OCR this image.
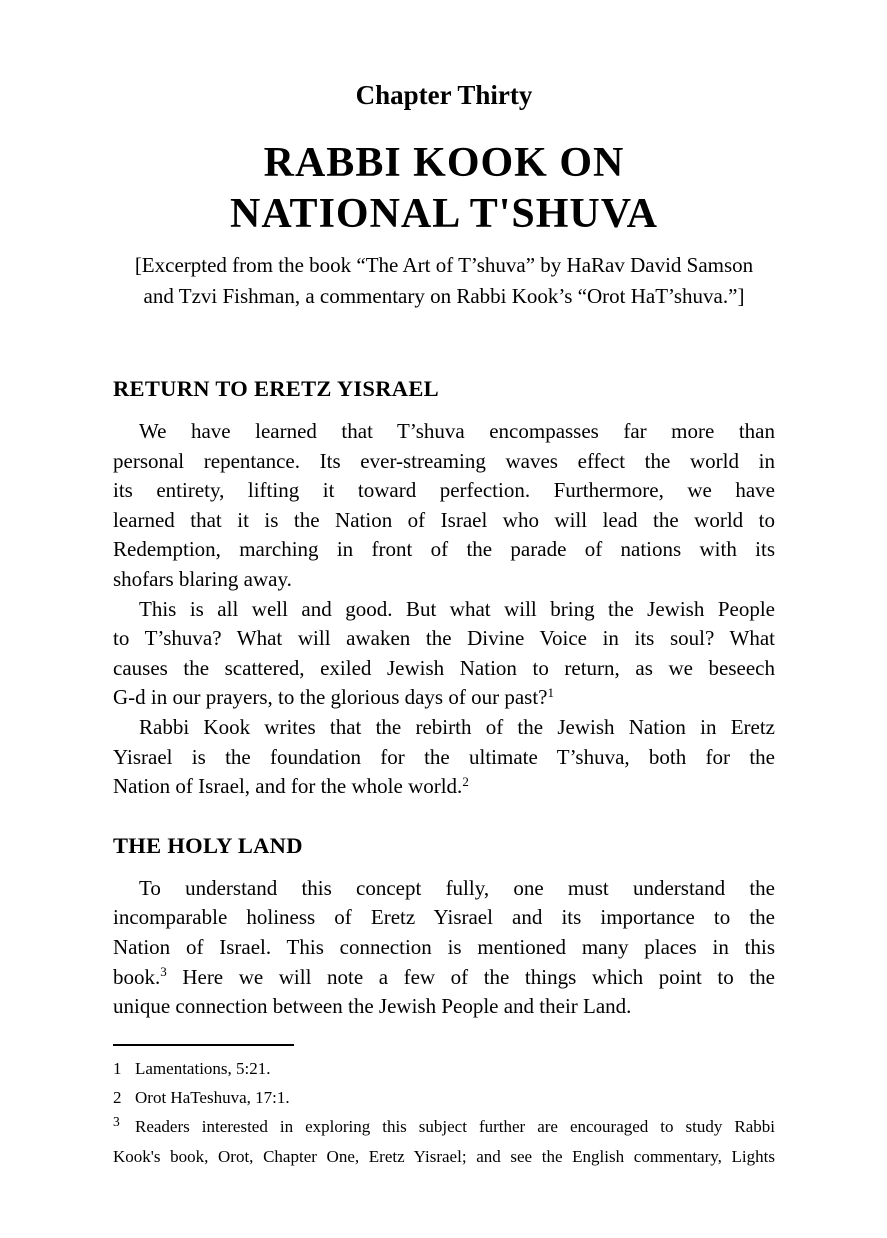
Chapter Thirty
RABBI KOOK ON
NATIONAL T'SHUVA
[Excerpted from the book “The Art of T’shuva” by HaRav David Samson
and Tzvi Fishman, a commentary on Rabbi Kook’s “Orot HaT’shuva.”]
RETURN TO ERETZ YISRAEL
We have learned that T’shuva encompasses far more than
personal repentance. Its ever-streaming waves effect the world in
its entirety, lifting it toward perfection. Furthermore, we have
learned that it is the Nation of Israel who will lead the world to
Redemption, marching in front of the parade of nations with its
shofars blaring away.
This is all well and good. But what will bring the Jewish People
to T’shuva? What will awaken the Divine Voice in its soul? What
causes the scattered, exiled Jewish Nation to return, as we beseech
G-d in our prayers, to the glorious days of our past?$^1$
Rabbi Kook writes that the rebirth of the Jewish Nation in Eretz
Yisrael is the foundation for the ultimate T’shuva, both for the
Nation of Israel, and for the whole world.$^2$
THE HOLY LAND
To understand this concept fully, one must understand the
incomparable holiness of Eretz Yisrael and its importance to the
Nation of Israel. This connection is mentioned many places in this
book.$^3$ Here we will note a few of the things which point to the
unique connection between the Jewish People and their Land.
1 Lamentations, 5:21.
2 Orot HaTeshuva, 17:1.
3 Readers interested in exploring this subject further are encouraged to study Rabbi
Kook's book, Orot, Chapter One, Eretz Yisrael; and see the English commentary, Lights
